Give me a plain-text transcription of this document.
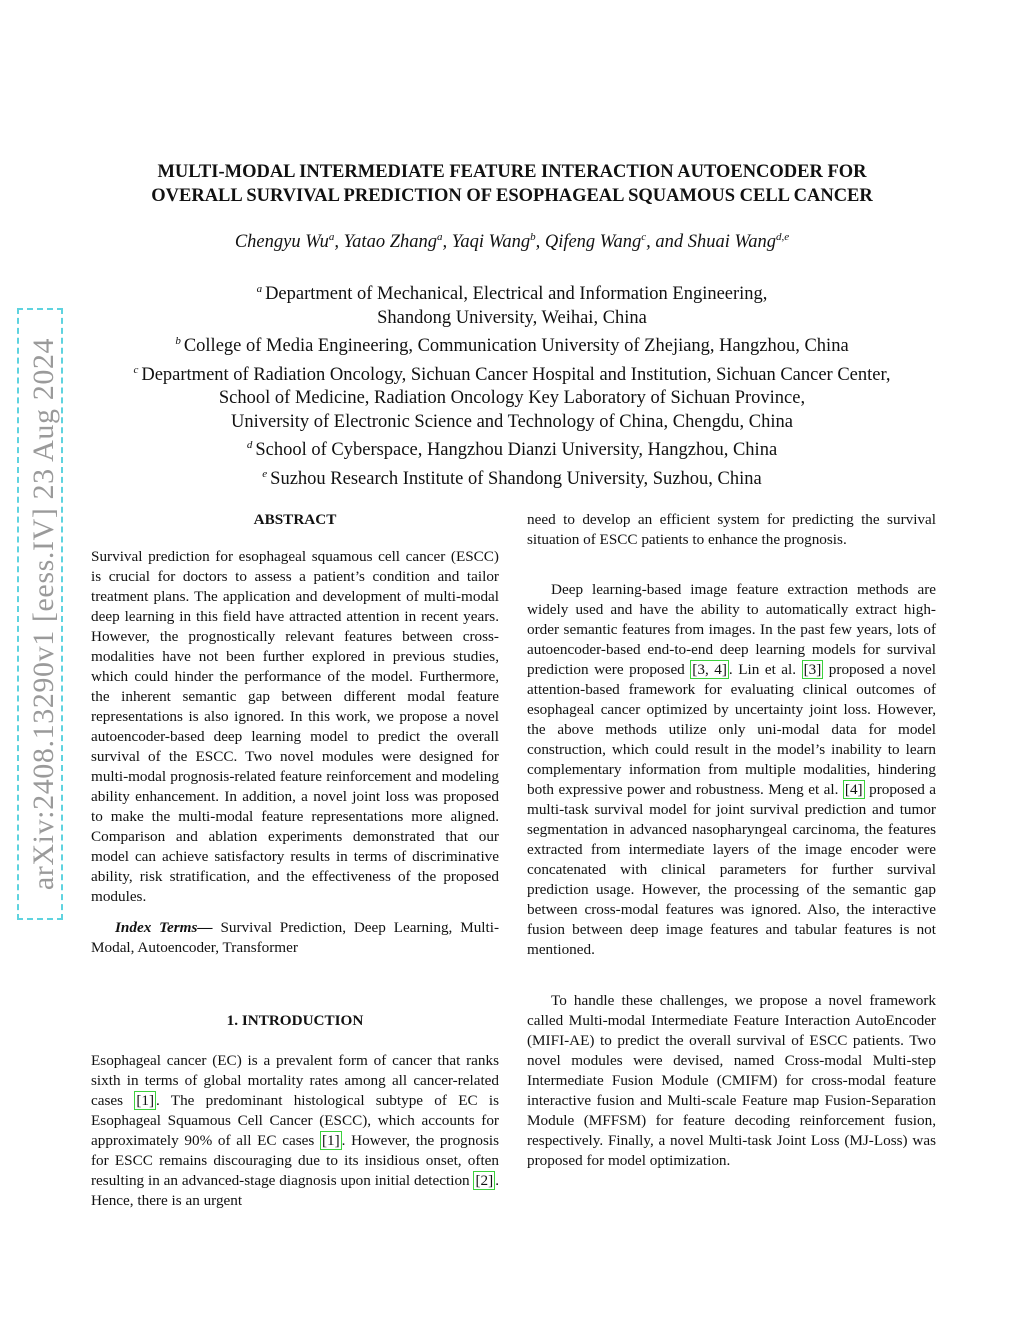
arXiv:2408.13290v1 [eess.IV] 23 Aug 2024
MULTI-MODAL INTERMEDIATE FEATURE INTERACTION AUTOENCODER FOR
OVERALL SURVIVAL PREDICTION OF ESOPHAGEAL SQUAMOUS CELL CANCER
Chengyu Wu$^a$, Yatao Zhang$^a$, Yaqi Wang$^b$, Qifeng Wang$^c$, and Shuai Wang$^{d,e}$
$^a$ Department of Mechanical, Electrical and Information Engineering,
Shandong University, Weihai, China
$^b$ College of Media Engineering, Communication University of Zhejiang, Hangzhou, China
$^c$ Department of Radiation Oncology, Sichuan Cancer Hospital and Institution, Sichuan Cancer Center,
School of Medicine, Radiation Oncology Key Laboratory of Sichuan Province,
University of Electronic Science and Technology of China, Chengdu, China
$^d$ School of Cyberspace, Hangzhou Dianzi University, Hangzhou, China
$^e$ Suzhou Research Institute of Shandong University, Suzhou, China
ABSTRACT

Survival prediction for esophageal squamous cell cancer (ESCC) is crucial for doctors to assess a patient’s condition and tailor treatment plans. The application and development of multi-modal deep learning in this field have attracted attention in recent years. However, the prognostically relevant features between cross-modalities have not been further explored in previous studies, which could hinder the performance of the model. Furthermore, the inherent semantic gap between different modal feature representations is also ignored. In this work, we propose a novel autoencoder-based deep learning model to predict the overall survival of the ESCC. Two novel modules were designed for multi-modal prognosis-related feature reinforcement and modeling ability enhancement. In addition, a novel joint loss was proposed to make the multi-modal feature representations more aligned. Comparison and ablation experiments demonstrated that our model can achieve satisfactory results in terms of discriminative ability, risk stratification, and the effectiveness of the proposed modules.

Index Terms— Survival Prediction, Deep Learning, Multi-Modal, Autoencoder, Transformer

1. INTRODUCTION

Esophageal cancer (EC) is a prevalent form of cancer that ranks sixth in terms of global mortality rates among all cancer-related cases [1] . The predominant histological subtype of EC is Esophageal Squamous Cell Cancer (ESCC), which accounts for approximately 90% of all EC cases [1] . However, the prognosis for ESCC remains discouraging due to its insidious onset, often resulting in an advanced-stage diagnosis upon initial detection [2] . Hence, there is an urgent

need to develop an efficient system for predicting the survival situation of ESCC patients to enhance the prognosis.

Deep learning-based image feature extraction methods are widely used and have the ability to automatically extract high-order semantic features from images. In the past few years, lots of autoencoder-based end-to-end deep learning models for survival prediction were proposed [3, 4] . Lin et al. [3] proposed a novel attention-based framework for evaluating clinical outcomes of esophageal cancer optimized by uncertainty joint loss. However, the above methods utilize only uni-modal data for model construction, which could result in the model’s inability to learn complementary information from multiple modalities, hindering both expressive power and robustness. Meng et al. [4] proposed a multi-task survival model for joint survival prediction and tumor segmentation in advanced nasopharyngeal carcinoma, the features extracted from intermediate layers of the image encoder were concatenated with clinical parameters for further survival prediction usage. However, the processing of the semantic gap between cross-modal features was ignored. Also, the interactive fusion between deep image features and tabular features is not mentioned.

To handle these challenges, we propose a novel framework called Multi-modal Intermediate Feature Interaction AutoEncoder (MIFI-AE) to predict the overall survival of ESCC patients. Two novel modules were devised, named Cross-modal Multi-step Intermediate Fusion Module (CMIFM) for cross-modal feature interactive fusion and Multi-scale Feature map Fusion-Separation Module (MFFSM) for feature decoding reinforcement fusion, respectively. Finally, a novel Multi-task Joint Loss (MJ-Loss) was proposed for model optimization.
